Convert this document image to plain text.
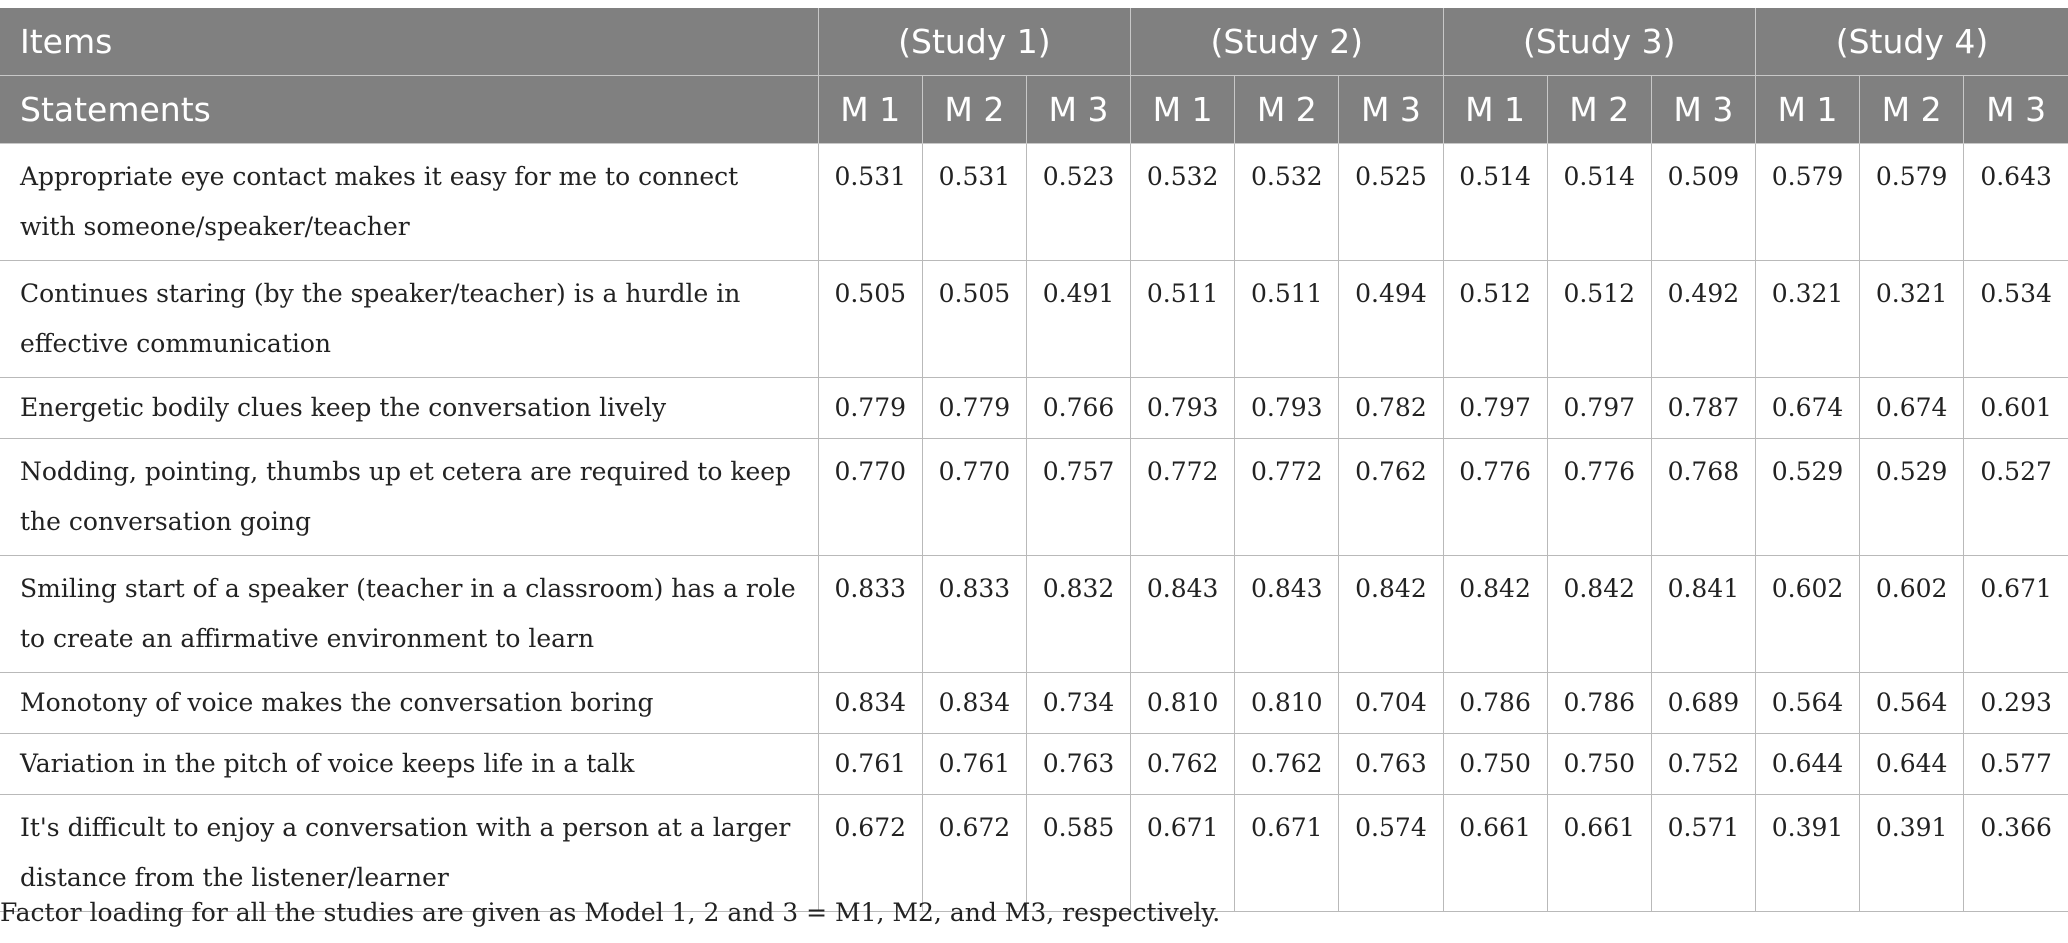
Items	(Study 1)			(Study 2)			(Study 3)			(Study 4)		
Statements	M 1	M 2	M 3	M 1	M 2	M 3	M 1	M 2	M 3	M 1	M 2	M 3
Appropriate eye contact makes it easy for me to connect with someone/speaker/teacher	0.531	0.531	0.523	0.532	0.532	0.525	0.514	0.514	0.509	0.579	0.579	0.643
Continues staring (by the speaker/teacher) is a hurdle in effective communication	0.505	0.505	0.491	0.511	0.511	0.494	0.512	0.512	0.492	0.321	0.321	0.534
Energetic bodily clues keep the conversation lively	0.779	0.779	0.766	0.793	0.793	0.782	0.797	0.797	0.787	0.674	0.674	0.601
Nodding, pointing, thumbs up et cetera are required to keep the conversation going	0.770	0.770	0.757	0.772	0.772	0.762	0.776	0.776	0.768	0.529	0.529	0.527
Smiling start of a speaker (teacher in a classroom) has a role to create an affirmative environment to learn	0.833	0.833	0.832	0.843	0.843	0.842	0.842	0.842	0.841	0.602	0.602	0.671
Monotony of voice makes the conversation boring	0.834	0.834	0.734	0.810	0.810	0.704	0.786	0.786	0.689	0.564	0.564	0.293
Variation in the pitch of voice keeps life in a talk	0.761	0.761	0.763	0.762	0.762	0.763	0.750	0.750	0.752	0.644	0.644	0.577
It's difficult to enjoy a conversation with a person at a larger distance from the listener/learner	0.672	0.672	0.585	0.671	0.671	0.574	0.661	0.661	0.571	0.391	0.391	0.366
Factor loading for all the studies are given as Model 1, 2 and 3 = M1, M2, and M3, respectively.
